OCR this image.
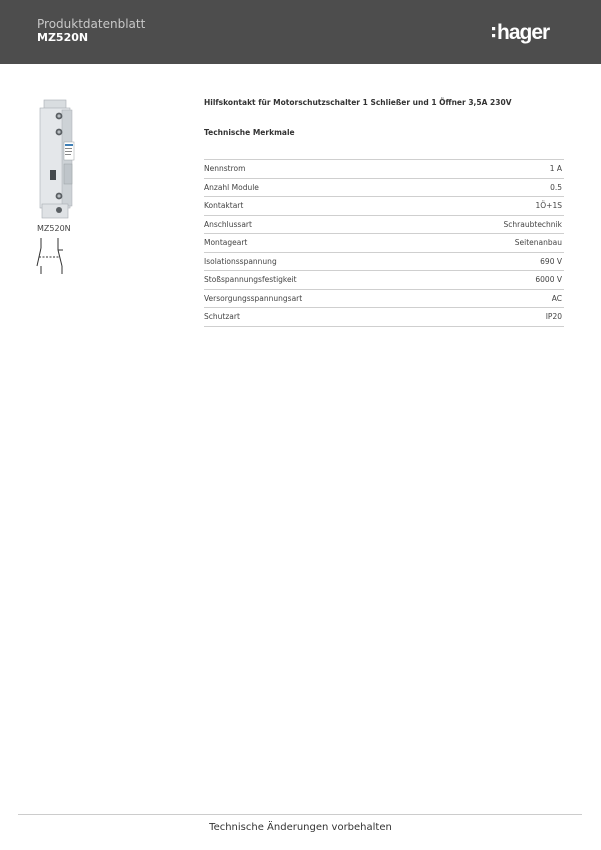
Produktdatenblatt
MZ520N	hager
MZ520N
Hilfskontakt für Motorschutzschalter 1 Schließer und 1 Öffner 3,5A 230V
Technische Merkmale
Nennstrom	1 A
Anzahl Module	0.5
Kontaktart	1Ö+1S
Anschlussart	Schraubtechnik
Montageart	Seitenanbau
Isolationsspannung	690 V
Stoßspannungsfestigkeit	6000 V
Versorgungsspannungsart	AC
Schutzart	IP20
Technische Änderungen vorbehalten
